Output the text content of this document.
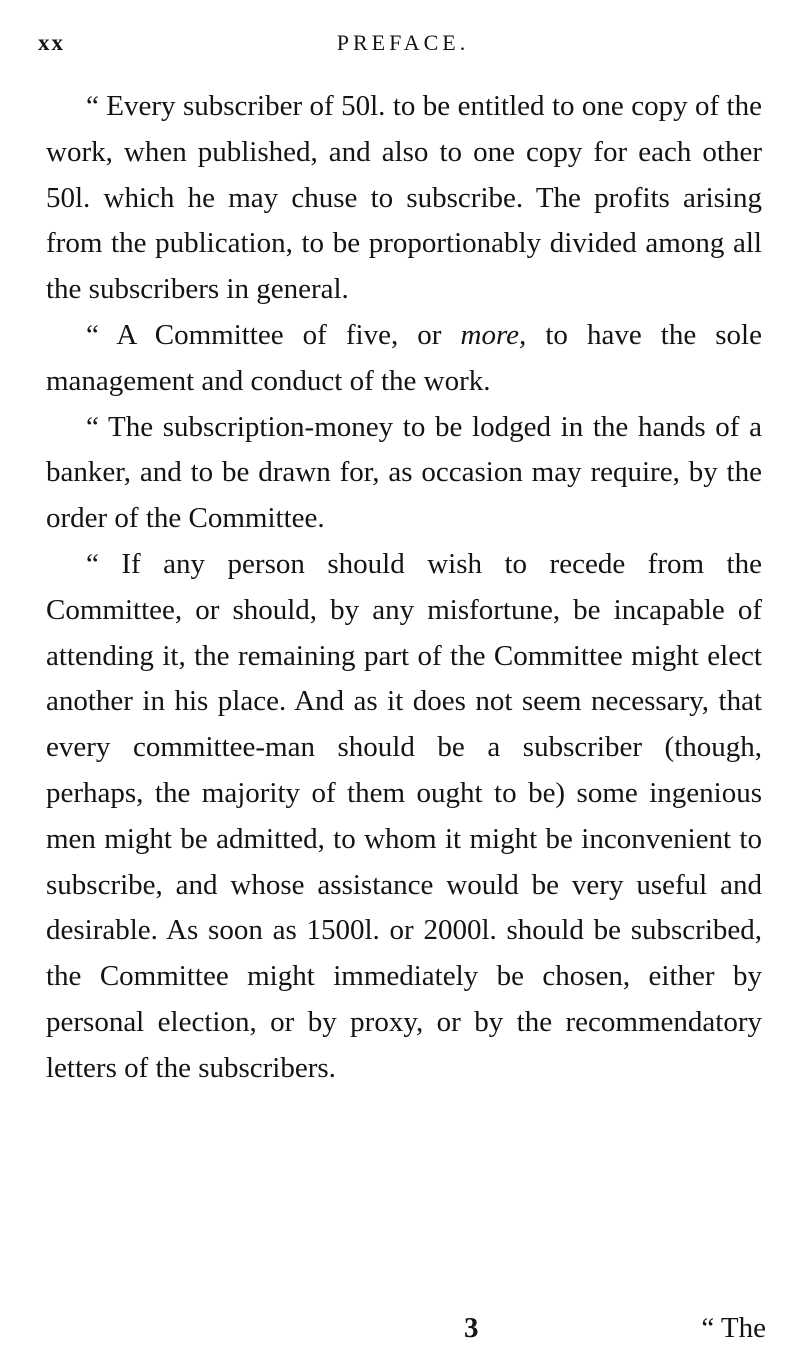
xx	PREFACE.

“ Every subscriber of 50l. to be entitled to one copy of the work, when published, and also to one copy for each other 50l. which he may chuse to subscribe. The profits arising from the publication, to be proportionably divided among all the subscribers in general.

“ A Committee of five, or more, to have the sole management and conduct of the work.

“ The subscription-money to be lodged in the hands of a banker, and to be drawn for, as occasion may require, by the order of the Committee.

“ If any person should wish to recede from the Committee, or should, by any misfortune, be incapable of attending it, the remaining part of the Committee might elect another in his place. And as it does not seem necessary, that every committee-man should be a subscriber (though, perhaps, the majority of them ought to be) some ingenious men might be admitted, to whom it might be inconvenient to subscribe, and whose assistance would be very useful and desirable. As soon as 1500l. or 2000l. should be subscribed, the Committee might immediately be chosen, either by personal election, or by proxy, or by the recommendatory letters of the subscribers.

3	“ The
